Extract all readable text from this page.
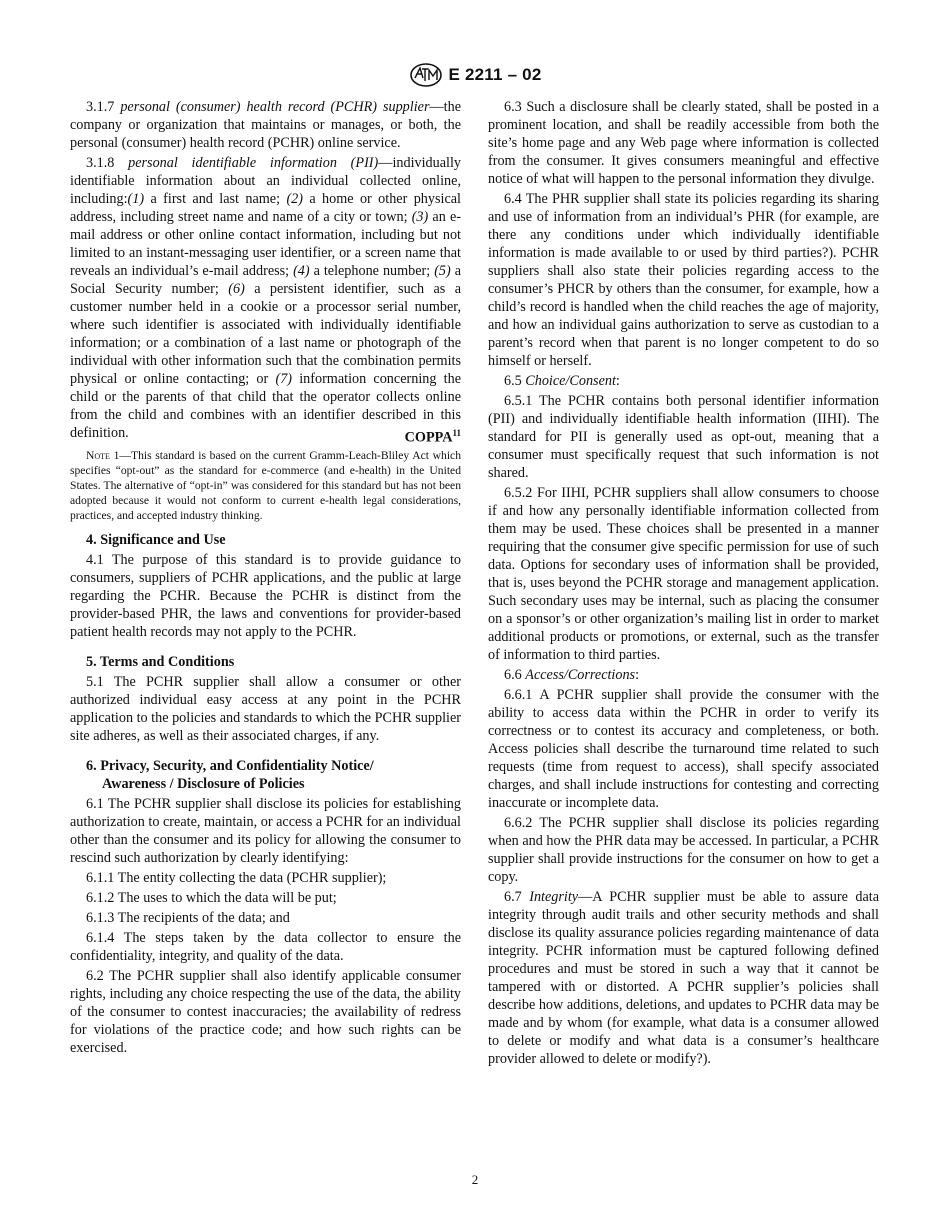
E 2211 – 02

3.1.7 personal (consumer) health record (PCHR) supplier—the company or organization that maintains or manages, or both, the personal (consumer) health record (PCHR) online service.

3.1.8 personal identifiable information (PII)—individually identifiable information about an individual collected online, including:(1) a first and last name; (2) a home or other physical address, including street name and name of a city or town; (3) an e-mail address or other online contact information, including but not limited to an instant-messaging user identifier, or a screen name that reveals an individual’s e-mail address; (4) a telephone number; (5) a Social Security number; (6) a persistent identifier, such as a customer number held in a cookie or a processor serial number, where such identifier is associated with individually identifiable information; or a combination of a last name or photograph of the individual with other information such that the combination permits physical or online contacting; or (7) information concerning the child or the parents of that child that the operator collects online from the child and combines with an identifier described in this definition.	COPPA$^{11}$

Note 1—This standard is based on the current Gramm-Leach-Bliley Act which specifies “opt-out” as the standard for e-commerce (and e-health) in the United States. The alternative of “opt-in” was considered for this standard but has not been adopted because it would not conform to current e-health legal considerations, practices, and accepted industry thinking.
4. Significance and Use

4.1 The purpose of this standard is to provide guidance to consumers, suppliers of PCHR applications, and the public at large regarding the PCHR. Because the PCHR is distinct from the provider-based PHR, the laws and conventions for provider-based patient health records may not apply to the PCHR.

5. Terms and Conditions

5.1 The PCHR supplier shall allow a consumer or other authorized individual easy access at any point in the PCHR application to the policies and standards to which the PCHR supplier site adheres, as well as their associated charges, if any.

6. Privacy, Security, and Confidentiality Notice/
Awareness / Disclosure of Policies

6.1 The PCHR supplier shall disclose its policies for establishing authorization to create, maintain, or access a PCHR for an individual other than the consumer and its policy for allowing the consumer to rescind such authorization by clearly identifying:

6.1.1 The entity collecting the data (PCHR supplier);

6.1.2 The uses to which the data will be put;

6.1.3 The recipients of the data; and

6.1.4 The steps taken by the data collector to ensure the confidentiality, integrity, and quality of the data.

6.2 The PCHR supplier shall also identify applicable consumer rights, including any choice respecting the use of the data, the ability of the consumer to contest inaccuracies; the availability of redress for violations of the practice code; and how such rights can be exercised.

6.3 Such a disclosure shall be clearly stated, shall be posted in a prominent location, and shall be readily accessible from both the site’s home page and any Web page where information is collected from the consumer. It gives consumers meaningful and effective notice of what will happen to the personal information they divulge.

6.4 The PHR supplier shall state its policies regarding its sharing and use of information from an individual’s PHR (for example, are there any conditions under which individually identifiable information is made available to or used by third parties?). PCHR suppliers shall also state their policies regarding access to the consumer’s PHCR by others than the consumer, for example, how a child’s record is handled when the child reaches the age of majority, and how an individual gains authorization to serve as custodian to a parent’s record when that parent is no longer competent to do so himself or herself.

6.5 Choice/Consent:

6.5.1 The PCHR contains both personal identifier information (PII) and individually identifiable health information (IIHI). The standard for PII is generally used as opt-out, meaning that a consumer must specifically request that such information is not shared.

6.5.2 For IIHI, PCHR suppliers shall allow consumers to choose if and how any personally identifiable information collected from them may be used. These choices shall be presented in a manner requiring that the consumer give specific permission for use of such data. Options for secondary uses of information shall be provided, that is, uses beyond the PCHR storage and management application. Such secondary uses may be internal, such as placing the consumer on a sponsor’s or other organization’s mailing list in order to market additional products or promotions, or external, such as the transfer of information to third parties.

6.6 Access/Corrections:

6.6.1 A PCHR supplier shall provide the consumer with the ability to access data within the PCHR in order to verify its correctness or to contest its accuracy and completeness, or both. Access policies shall describe the turnaround time related to such requests (time from request to access), shall specify associated charges, and shall include instructions for contesting and correcting inaccurate or incomplete data.

6.6.2 The PCHR supplier shall disclose its policies regarding when and how the PHR data may be accessed. In particular, a PCHR supplier shall provide instructions for the consumer on how to get a copy.

6.7 Integrity—A PCHR supplier must be able to assure data integrity through audit trails and other security methods and shall disclose its quality assurance policies regarding maintenance of data integrity. PCHR information must be captured following defined procedures and must be stored in such a way that it cannot be tampered with or distorted. A PCHR supplier’s policies shall describe how additions, deletions, and updates to PCHR data may be made and by whom (for example, what data is a consumer allowed to delete or modify and what data is a consumer’s healthcare provider allowed to delete or modify?).

2
